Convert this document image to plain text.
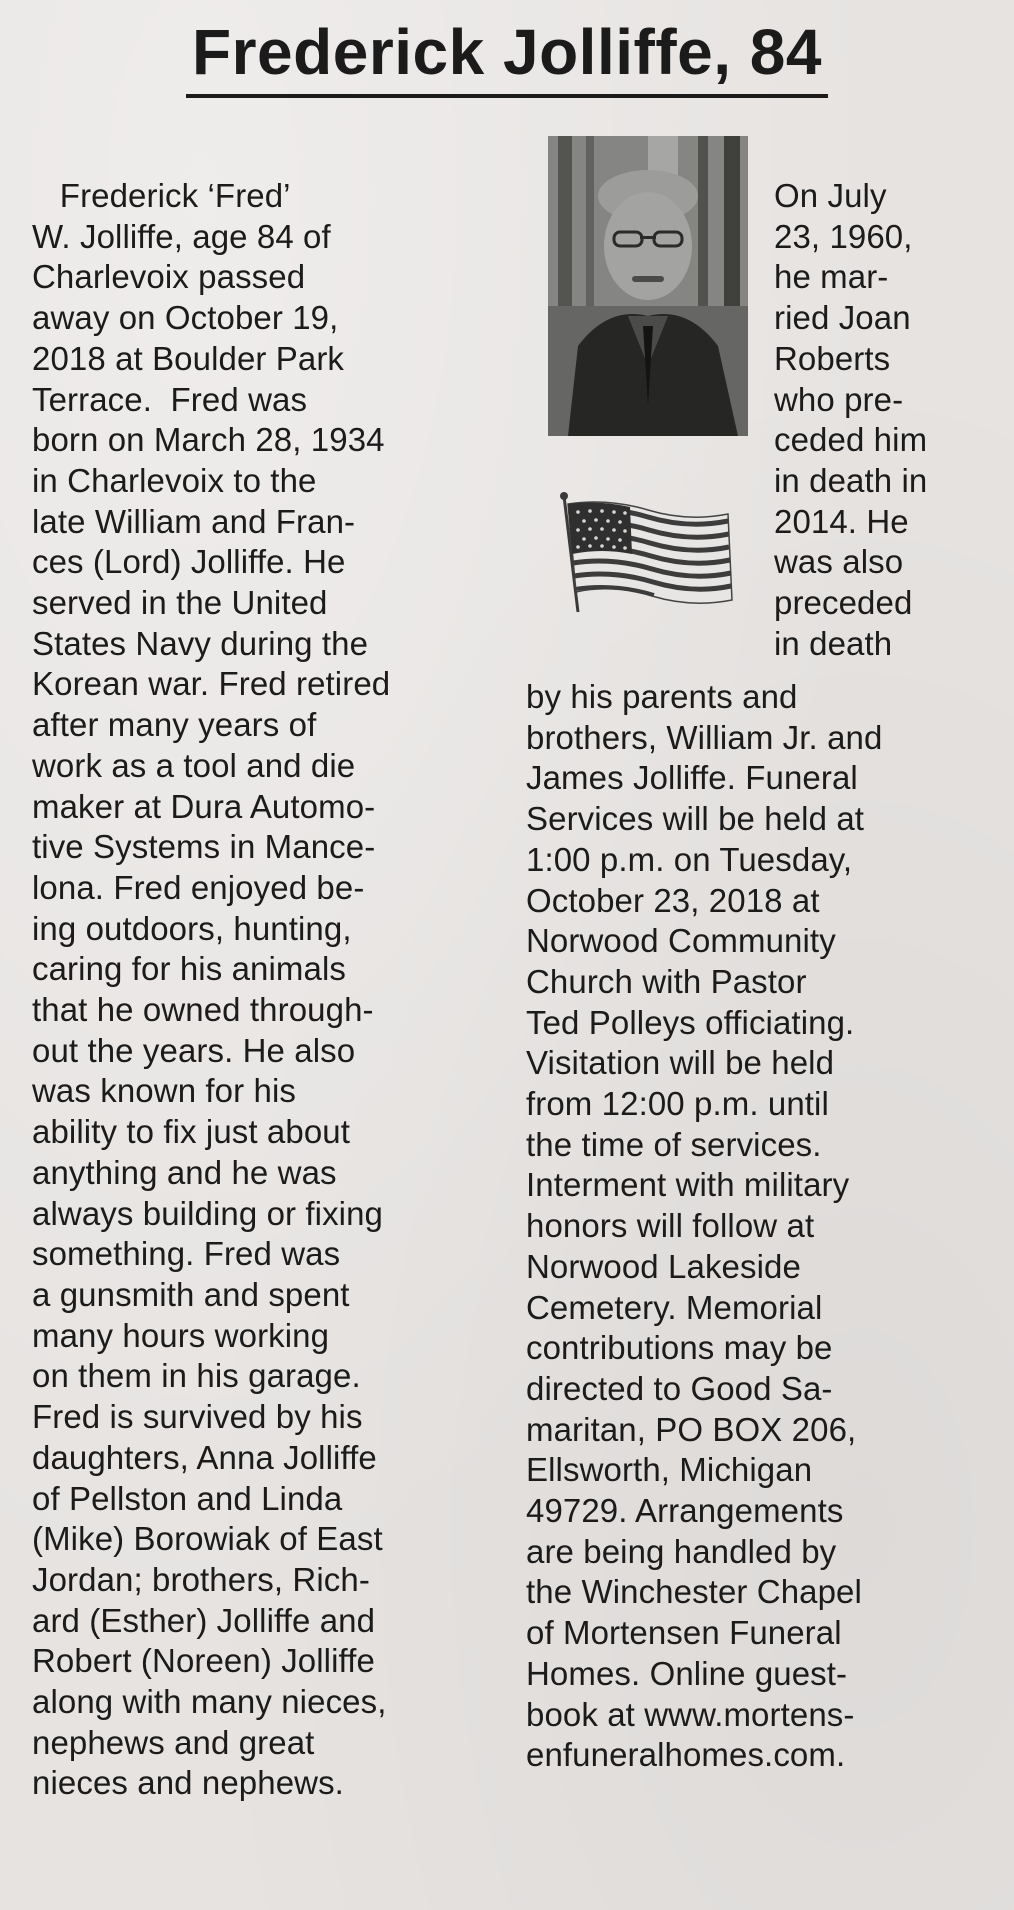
Frederick Jolliffe, 84

Frederick ‘Fred’
W. Jolliffe, age 84 of
Charlevoix passed
away on October 19,
2018 at Boulder Park
Terrace.  Fred was
born on March 28, 1934
in Charlevoix to the
late William and Fran-
ces (Lord) Jolliffe. He
served in the United
States Navy during the
Korean war. Fred retired
after many years of
work as a tool and die
maker at Dura Automo-
tive Systems in Mance-
lona. Fred enjoyed be-
ing outdoors, hunting,
caring for his animals
that he owned through-
out the years. He also
was known for his
ability to fix just about
anything and he was
always building or fixing
something. Fred was
a gunsmith and spent
many hours working
on them in his garage.
Fred is survived by his
daughters, Anna Jolliffe
of Pellston and Linda
(Mike) Borowiak of East
Jordan; brothers, Rich-
ard (Esther) Jolliffe and
Robert (Noreen) Jolliffe
along with many nieces,
nephews and great
nieces and nephews.

On July
23, 1960,
he mar-
ried Joan
Roberts
who pre-
ceded him
in death in
2014. He
was also
preceded
in death

by his parents and
brothers, William Jr. and
James Jolliffe. Funeral
Services will be held at
1:00 p.m. on Tuesday,
October 23, 2018 at
Norwood Community
Church with Pastor
Ted Polleys officiating.
Visitation will be held
from 12:00 p.m. until
the time of services.
Interment with military
honors will follow at
Norwood Lakeside
Cemetery. Memorial
contributions may be
directed to Good Sa-
maritan, PO BOX 206,
Ellsworth, Michigan
49729. Arrangements
are being handled by
the Winchester Chapel
of Mortensen Funeral
Homes. Online guest-
book at www.mortens-
enfuneralhomes.com.
